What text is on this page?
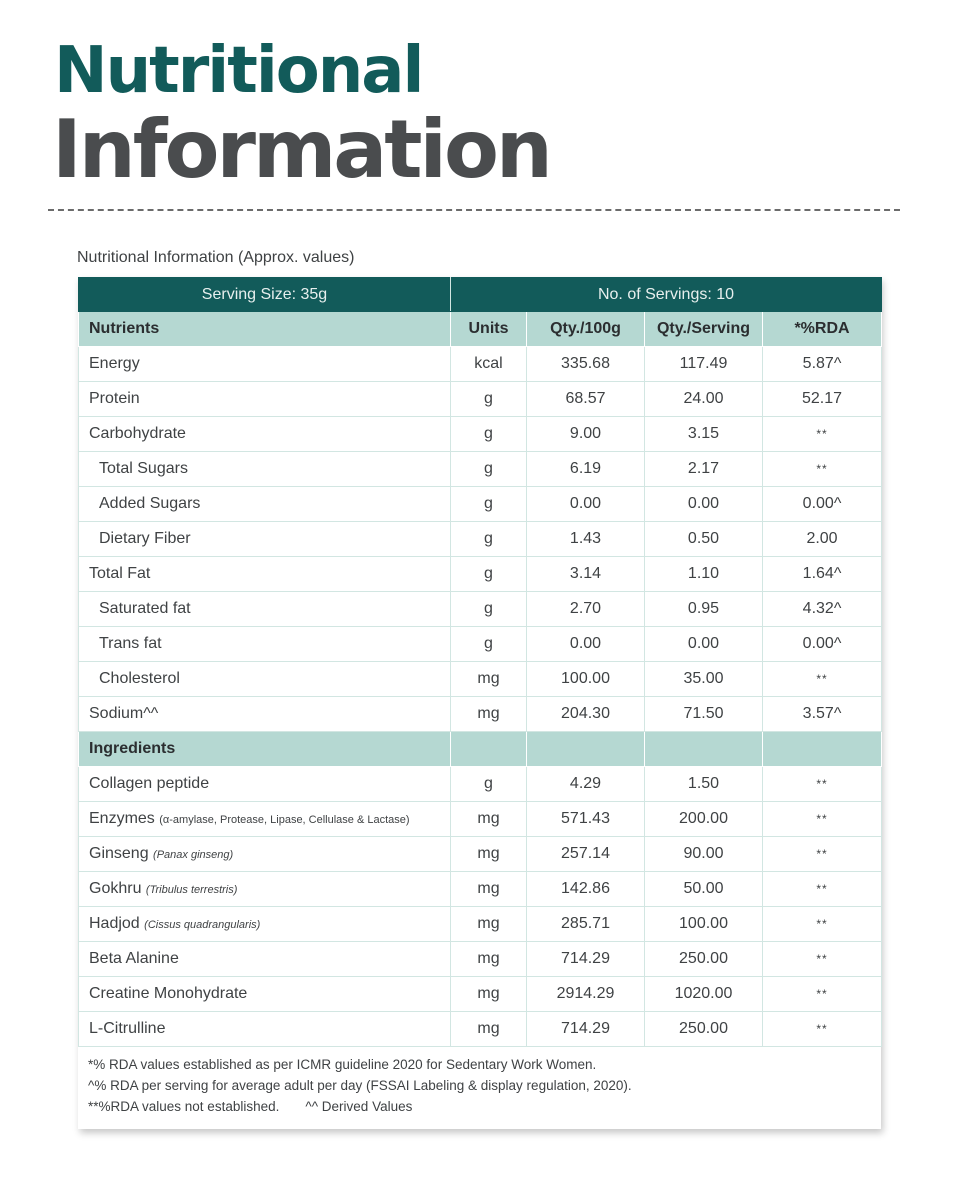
Nutritional
Information
Nutritional Information (Approx. values)
Serving Size: 35g	No. of Servings: 10			
Nutrients	Units	Qty./100g	Qty./Serving	*%RDA
Energy	kcal	335.68	117.49	5.87^
Protein	g	68.57	24.00	52.17
Carbohydrate	g	9.00	3.15	**
Total Sugars	g	6.19	2.17	**
Added Sugars	g	0.00	0.00	0.00^
Dietary Fiber	g	1.43	0.50	2.00
Total Fat	g	3.14	1.10	1.64^
Saturated fat	g	2.70	0.95	4.32^
Trans fat	g	0.00	0.00	0.00^
Cholesterol	mg	100.00	35.00	**
Sodium^^	mg	204.30	71.50	3.57^
Ingredients				
Collagen peptide	g	4.29	1.50	**
Enzymes (α-amylase, Protease, Lipase, Cellulase & Lactase)	mg	571.43	200.00	**
Ginseng (Panax ginseng)	mg	257.14	90.00	**
Gokhru (Tribulus terrestris)	mg	142.86	50.00	**
Hadjod (Cissus quadrangularis)	mg	285.71	100.00	**
Beta Alanine	mg	714.29	250.00	**
Creatine Monohydrate	mg	2914.29	1020.00	**
L-Citrulline	mg	714.29	250.00	**
*% RDA values established as per ICMR guideline 2020 for Sedentary Work Women.
^% RDA per serving for average adult per day (FSSAI Labeling & display regulation, 2020).
**%RDA values not established. ^^ Derived Values
